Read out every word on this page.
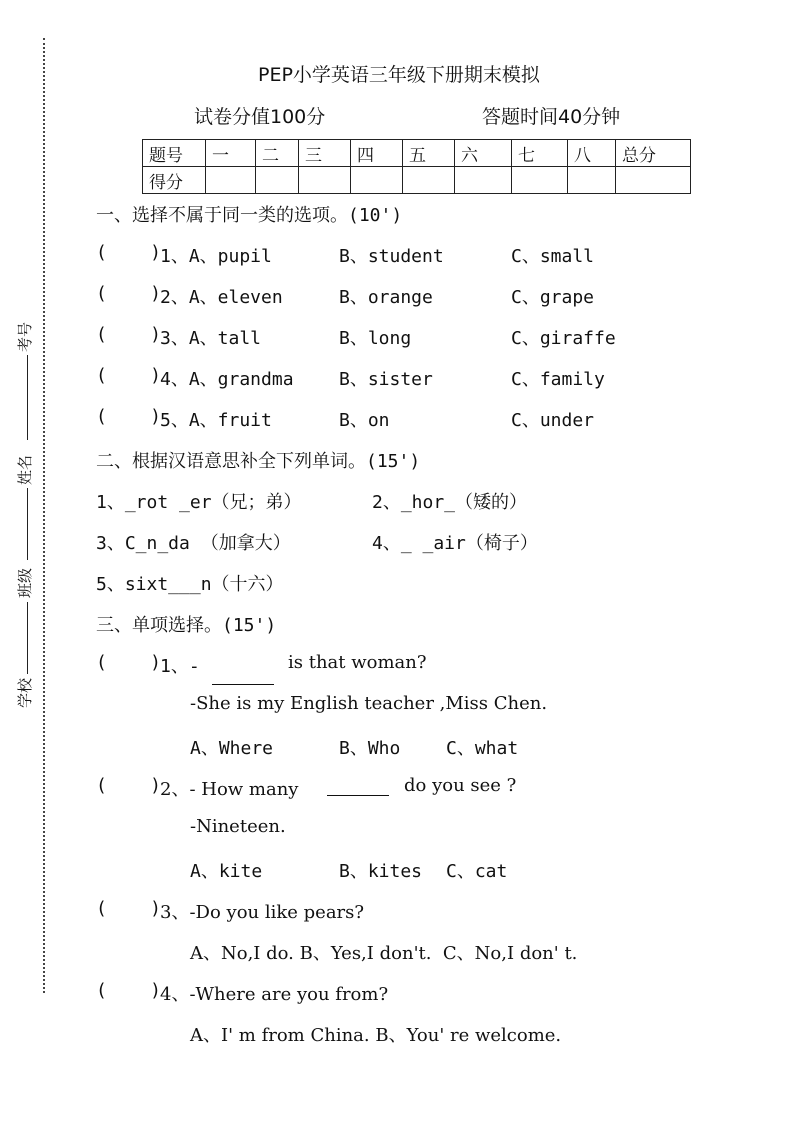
考号
姓名
班级
学校
PEP小学英语三年级下册期末模拟
试卷分值100分	答题时间40分钟
题号	一	二	三	四	五	六	七	八	总分
得分									
一、选择不属于同一类的选项。(10')
(    )
1、A、pupil	B、student	C、small
(    )
2、A、eleven	B、orange	C、grape
(    )
3、A、tall	B、long	C、giraffe
(    )
4、A、grandma	B、sister	C、family
(    )
5、A、fruit	B、on	C、under
二、根据汉语意思补全下列单词。(15')
1、_rot _er（兄；弟）	2、_hor_（矮的）
3、C_n_da （加拿大）	4、_ _air（椅子）
5、sixt___n（十六）
三、单项选择。(15')
(    )
1、-	is that woman?
-She is my English teacher ,Miss Chen.
A、Where	B、Who	C、what
(    )
2、- How many	do you see ?
-Nineteen.
A、kite	B、kites C、cat
(    )
3、-Do you like pears?
A、No,I do. B、Yes,I don't.  C、No,I don' t.
(    )
4、-Where are you from?
A、I' m from China. B、You' re welcome.
